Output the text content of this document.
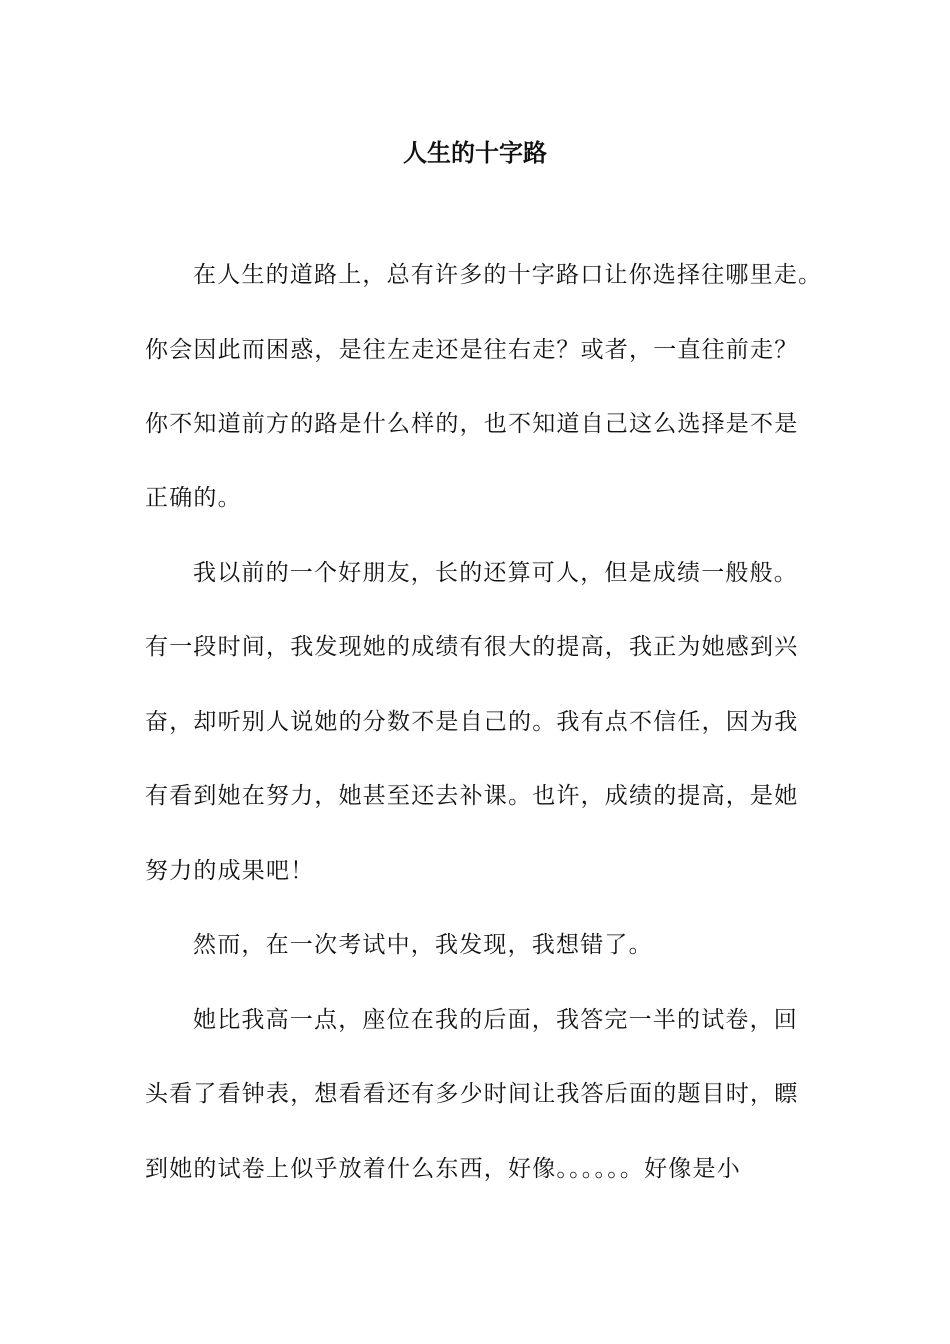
人生的十字路
在人生的道路上，总有许多的十字路口让你选择往哪里走。
你会因此而困惑，是往左走还是往右走？或者，一直往前走？
你不知道前方的路是什么样的，也不知道自己这么选择是不是
正确的。
我以前的一个好朋友，长的还算可人，但是成绩一般般。
有一段时间，我发现她的成绩有很大的提高，我正为她感到兴
奋，却听别人说她的分数不是自己的。我有点不信任，因为我
有看到她在努力，她甚至还去补课。也许，成绩的提高，是她
努力的成果吧！
然而，在一次考试中，我发现，我想错了。
她比我高一点，座位在我的后面，我答完一半的试卷，回
头看了看钟表，想看看还有多少时间让我答后面的题目时，瞟
到她的试卷上似乎放着什么东西，好像。。。。。。好像是小
